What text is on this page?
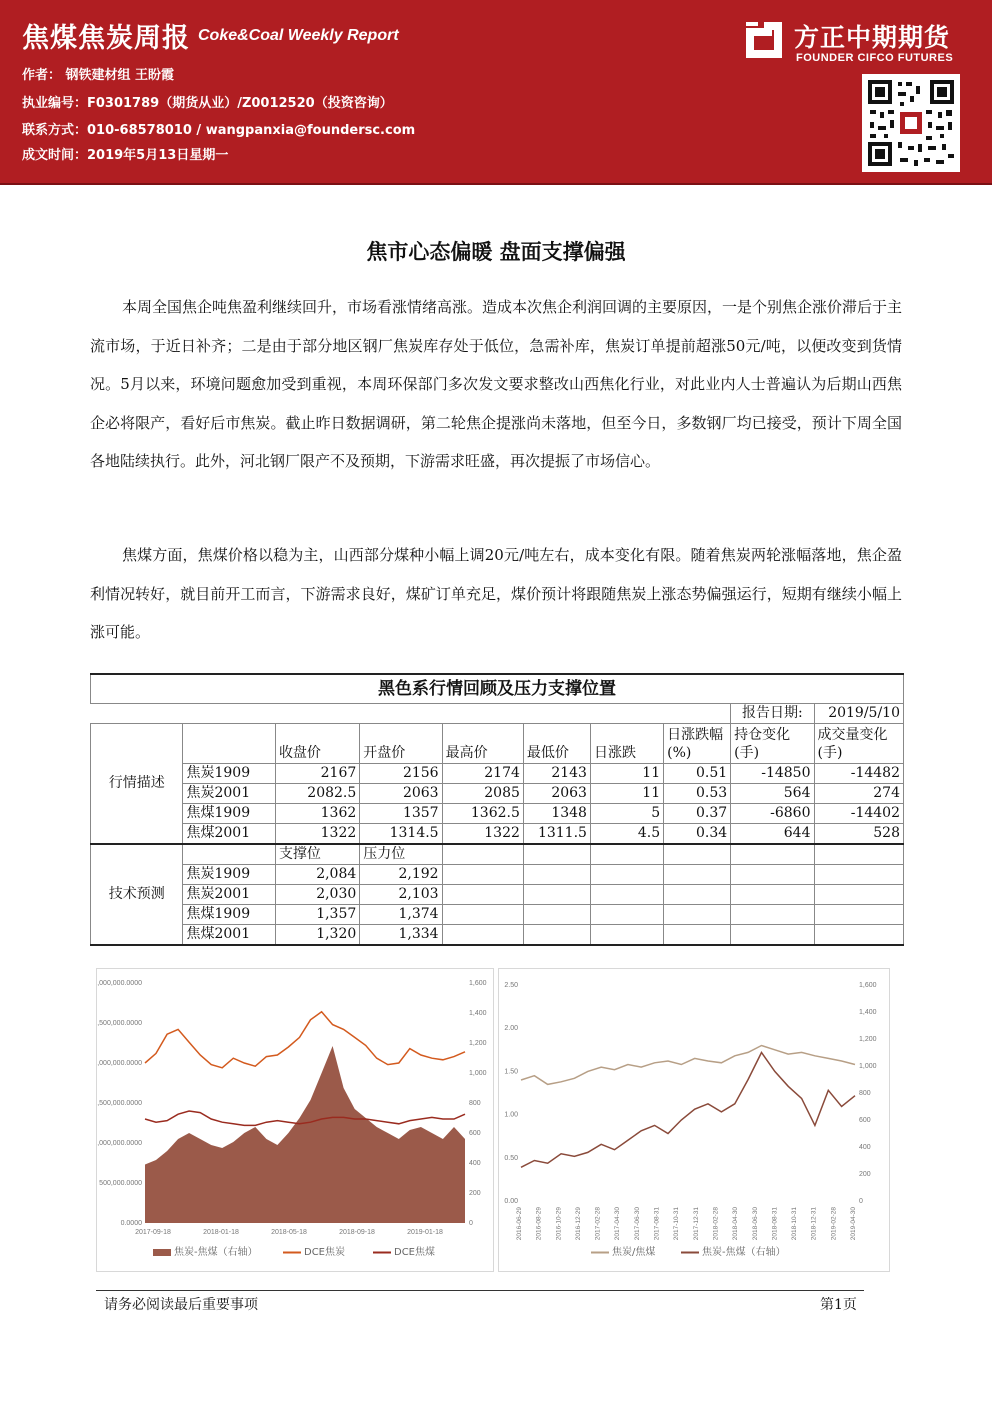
焦煤焦炭周报 Coke&Coal Weekly Report
作者： 钢铁建材组 王盼霞
执业编号：F0301789（期货从业）/Z0012520（投资咨询）
联系方式：010-68578010 / wangpanxia@foundersc.com
成文时间：2019年5月13日星期一
方正中期期货
FOUNDER CIFCO FUTURES
焦市心态偏暖 盘面支撑偏强

本周全国焦企吨焦盈利继续回升，市场看涨情绪高涨。造成本次焦企利润回调的主要原因，一是个别焦企涨价滞后于主流市场，于近日补齐；二是由于部分地区钢厂焦炭库存处于低位，急需补库，焦炭订单提前超涨50元/吨，以便改变到货情况。5月以来，环境问题愈加受到重视，本周环保部门多次发文要求整改山西焦化行业，对此业内人士普遍认为后期山西焦企必将限产，看好后市焦炭。截止昨日数据调研，第二轮焦企提涨尚未落地，但至今日，多数钢厂均已接受，预计下周全国各地陆续执行。此外，河北钢厂限产不及预期，下游需求旺盛，再次提振了市场信心。

焦煤方面，焦煤价格以稳为主，山西部分煤种小幅上调20元/吨左右，成本变化有限。随着焦炭两轮涨幅落地，焦企盈利情况转好，就目前开工而言，下游需求良好，煤矿订单充足，煤价预计将跟随焦炭上涨态势偏强运行，短期有继续小幅上涨可能。

黑色系行情回顾及压力支撑位置									
								报告日期:	2019/5/10
行情描述		收盘价	开盘价	最高价	最低价	日涨跌	日涨跌幅(%)	持仓变化(手)	成交量变化(手)
	焦炭1909	2167	2156	2174	2143	11	0.51	-14850	-14482
	焦炭2001	2082.5	2063	2085	2063	11	0.53	564	274
	焦煤1909	1362	1357	1362.5	1348	5	0.37	-6860	-14402
	焦煤2001	1322	1314.5	1322	1311.5	4.5	0.34	644	528
技术预测		支撑位	压力位						
	焦炭1909	2,084	2,192						
	焦炭2001	2,030	2,103						
	焦煤1909	1,357	1,374						
	焦煤2001	1,320	1,334						
0.0000
500,000.0000
1,000,000.0000
1,500,000.0000
2,000,000.0000
2,500,000.0000
3,000,000.0000
0
200
400
600
800
1,000
1,200
1,400
1,600
2017-09-18	2018-01-18	2018-05-18	2018-09-18	2019-01-18
焦炭-焦煤（右轴）	DCE焦炭	DCE焦煤
0.00
0.50
1.00
1.50
2.00
2.50
0
200
400
600
800
1,000
1,200
1,400
1,600
2016-06-29 2016-08-29 2016-10-29 2016-12-29 2017-02-28 2017-04-30 2017-06-30 2017-08-31 2017-10-31 2017-12-31 2018-02-28 2018-04-30 2018-06-30 2018-08-31 2018-10-31 2018-12-31 2019-02-28 2019-04-30
焦炭/焦煤	焦炭-焦煤（右轴）
请务必阅读最后重要事项	第1页
